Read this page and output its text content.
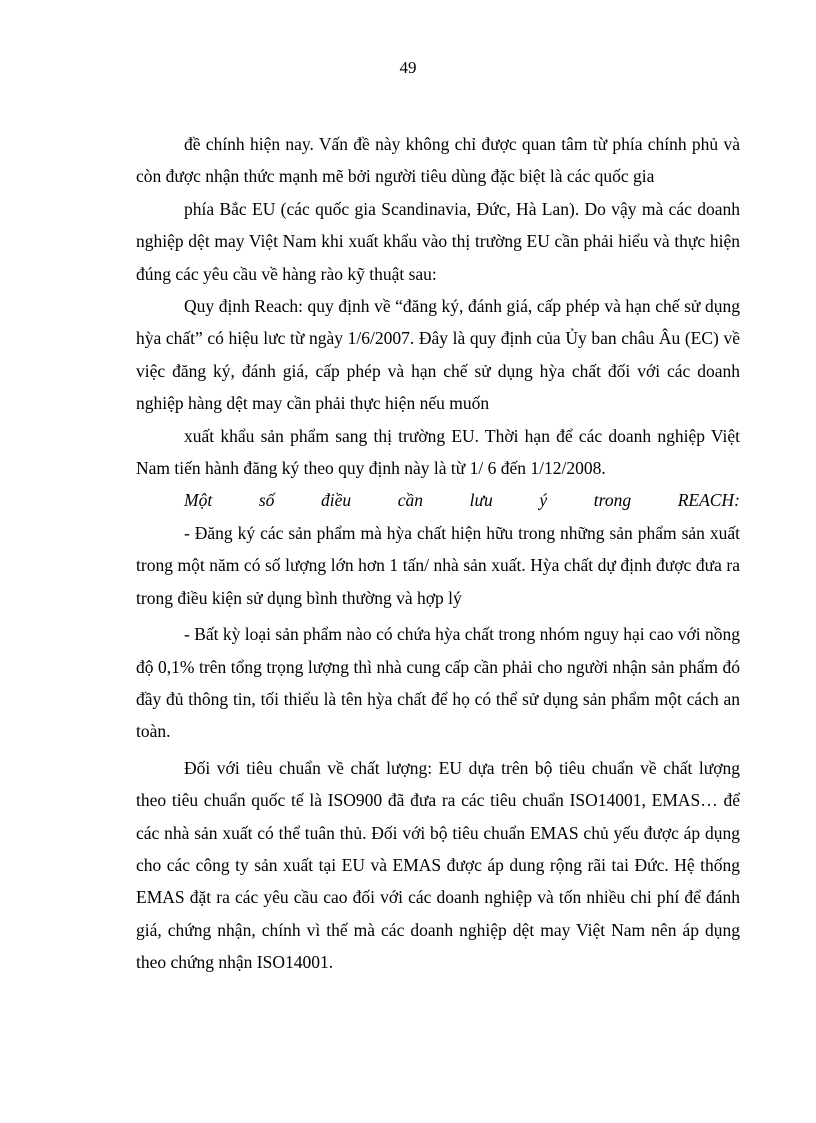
49

đề chính hiện nay. Vấn đề này không chỉ được quan tâm từ phía chính phủ và còn được nhận thức mạnh mẽ bởi người tiêu dùng đặc biệt là các quốc gia

phía Bắc EU (các quốc gia Scandinavia, Đức, Hà Lan). Do vậy mà các doanh nghiệp dệt may Việt Nam khi xuất khẩu vào thị trường EU cần phải hiểu và thực hiện đúng các yêu cầu về hàng rào kỹ thuật sau:

Quy định Reach: quy định về “đăng ký, đánh giá, cấp phép và hạn chế sử dụng hỳa chất” có hiệu lưc từ ngày 1/6/2007. Đây là quy định của Ủy ban châu Âu (EC) về việc đăng ký, đánh giá, cấp phép và hạn chế sử dụng hỳa chất đối với các doanh nghiệp hàng dệt may cần phải thực hiện nếu muốn

xuất khẩu sản phẩm sang thị trường EU. Thời hạn để các doanh nghiệp Việt Nam tiến hành đăng ký theo quy định này là từ 1/ 6 đến 1/12/2008.

Một	số	điều	cần	lưu	ý	trong	REACH:

- Đăng ký các sản phẩm mà hỳa chất hiện hữu trong những sản phẩm sản xuất trong một năm có số lượng lớn hơn 1 tấn/ nhà sản xuất. Hỳa chất dự định được đưa ra trong điều kiện sử dụng bình thường và hợp lý

- Bất kỳ loại sản phẩm nào có chứa hỳa chất trong nhóm nguy hại cao với nồng độ 0,1% trên tổng trọng lượng thì nhà cung cấp cần phải cho người nhận sản phẩm đó đầy đủ thông tin, tối thiểu là tên hỳa chất để họ có thể sử dụng sản phẩm một cách an toàn.

Đối với tiêu chuẩn về chất lượng: EU dựa trên bộ tiêu chuẩn về chất lượng theo tiêu chuẩn quốc tế là ISO900 đã đưa ra các tiêu chuẩn ISO14001, EMAS… để các nhà sản xuất có thể tuân thủ. Đối với bộ tiêu chuẩn EMAS chủ yếu được áp dụng cho các công ty sản xuất tại EU và EMAS được áp dung rộng rãi tai Đức. Hệ thống EMAS đặt ra các yêu cầu cao đối với các doanh nghiệp và tốn nhiều chi phí để đánh giá, chứng nhận, chính vì thế mà các doanh nghiệp dệt may Việt Nam nên áp dụng theo chứng nhận ISO14001.
